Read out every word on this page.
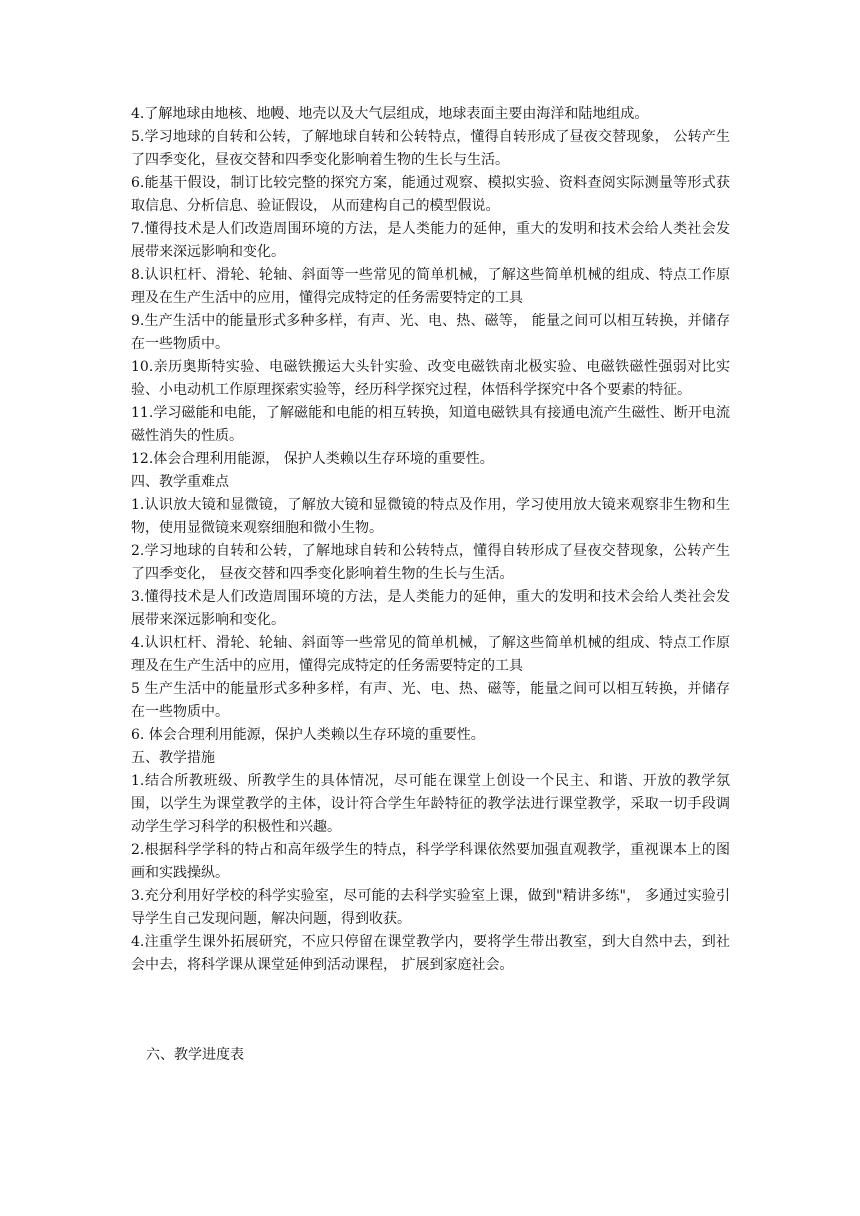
4.了解地球由地核、地幔、地壳以及大气层组成，地球表面主要由海洋和陆地组成。

5.学习地球的自转和公转，了解地球自转和公转特点，懂得自转形成了昼夜交替现象， 公转产生了四季变化，昼夜交替和四季变化影响着生物的生长与生活。

6.能基干假设，制订比较完整的探究方案，能通过观察、模拟实验、资料查阅实际测量等形式获取信息、分析信息、验证假设， 从而建构自己的模型假说。

7.懂得技术是人们改造周围环境的方法，是人类能力的延伸，重大的发明和技术会给人类社会发展带来深远影响和变化。

8.认识杠杆、滑轮、轮轴、斜面等一些常见的简单机械，了解这些简单机械的组成、特点工作原理及在生产生活中的应用，懂得完成特定的任务需要特定的工具

9.生产生活中的能量形式多种多样，有声、光、电、热、磁等， 能量之间可以相互转换，并储存在一些物质中。

10.亲历奥斯特实验、电磁铁搬运大头针实验、改变电磁铁南北极实验、电磁铁磁性强弱对比实验、小电动机工作原理探索实验等，经历科学探究过程，体悟科学探究中各个要素的特征。

11.学习磁能和电能，了解磁能和电能的相互转换，知道电磁铁具有接通电流产生磁性、断开电流磁性消失的性质。

12.体会合理利用能源， 保护人类赖以生存环境的重要性。

四、教学重难点

1.认识放大镜和显微镜，了解放大镜和显微镜的特点及作用，学习使用放大镜来观察非生物和生物，使用显微镜来观察细胞和微小生物。

2.学习地球的自转和公转，了解地球自转和公转特点，懂得自转形成了昼夜交替现象，公转产生了四季变化， 昼夜交替和四季变化影响着生物的生长与生活。

3.懂得技术是人们改造周围环境的方法，是人类能力的延伸，重大的发明和技术会给人类社会发展带来深远影响和变化。

4.认识杠杆、滑轮、轮轴、斜面等一些常见的简单机械，了解这些简单机械的组成、特点工作原理及在生产生活中的应用，懂得完成特定的任务需要特定的工具

5 生产生活中的能量形式多种多样，有声、光、电、热、磁等，能量之间可以相互转换，并储存在一些物质中。

6. 体会合理利用能源，保护人类赖以生存环境的重要性。

五、教学措施

1.结合所教班级、所教学生的具体情况，尽可能在课堂上创设一个民主、和谐、开放的教学氛围，以学生为课堂教学的主体，设计符合学生年龄特征的教学法进行课堂教学，采取一切手段调动学生学习科学的积极性和兴趣。

2.根据科学学科的特占和高年级学生的特点，科学学科课依然要加强直观教学，重视课本上的图画和实践操纵。

3.充分利用好学校的科学实验室，尽可能的去科学实验室上课，做到"精讲多练"， 多通过实验引导学生自己发现问题，解决问题，得到收获。

4.注重学生课外拓展研究，不应只停留在课堂教学内，要将学生带出教室，到大自然中去，到社会中去，将科学课从课堂延伸到活动课程， 扩展到家庭社会。

六、教学进度表
